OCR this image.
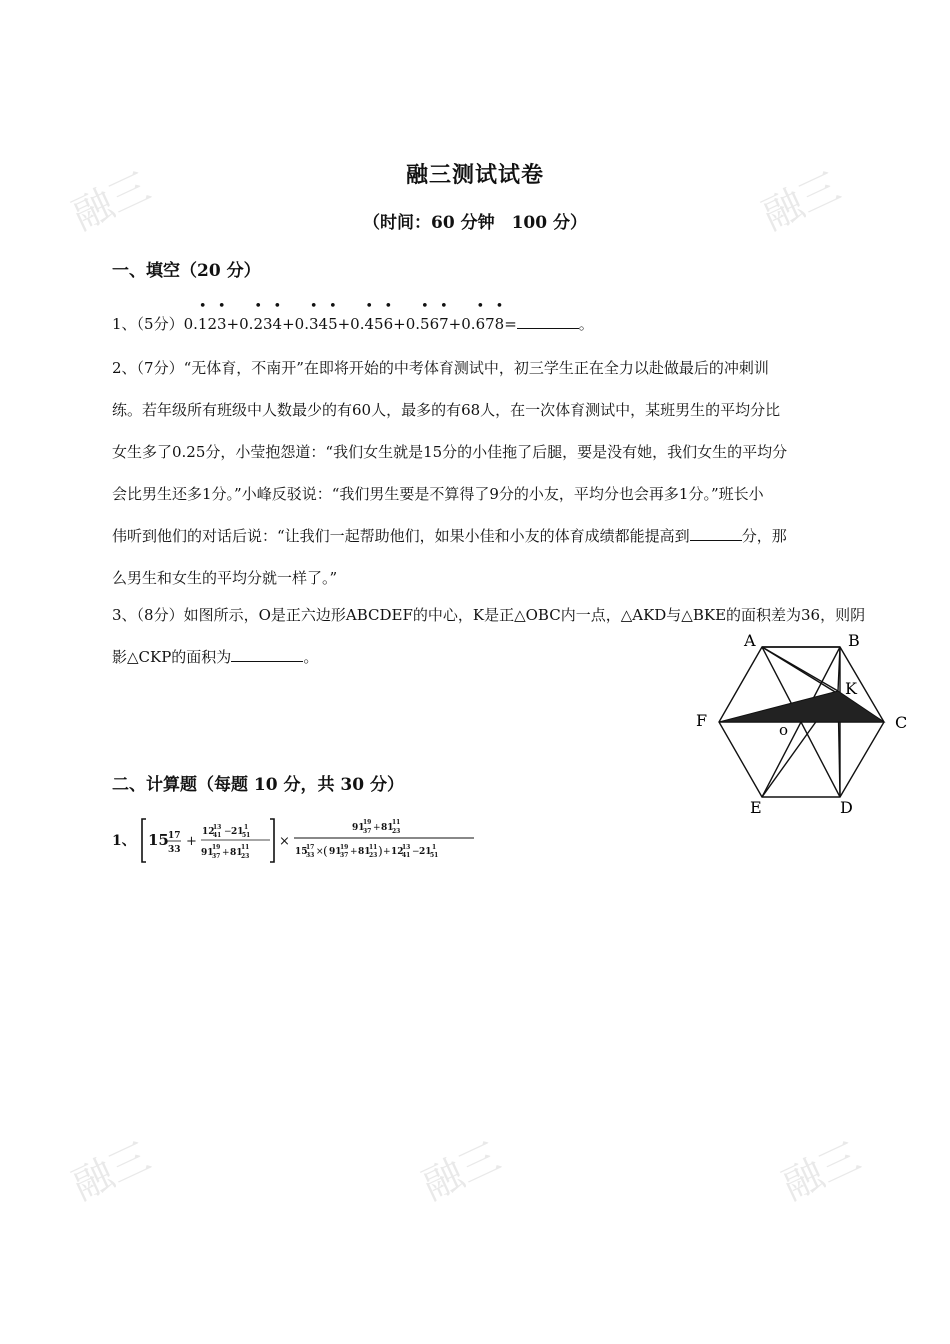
融三	融三
融三	融三	融三
融三测试试卷
（时间：60 分钟　100 分）
一、填空（20 分）
1、（5分）0.• 12• 3+0.• 23• 4+0.• 34• 5+0.• 45• 6+0.• 56• 7+0.• 67• 8=	。
2、（7分）“无体育，不南开”在即将开始的中考体育测试中，初三学生正在全力以赴做最后的冲刺训
练。若年级所有班级中人数最少的有60人，最多的有68人，在一次体育测试中，某班男生的平均分比
女生多了0.25分，小莹抱怨道：“我们女生就是15分的小佳拖了后腿，要是没有她，我们女生的平均分
会比男生还多1分。”小峰反驳说：“我们男生要是不算得了9分的小友，平均分也会再多1分。”班长小
伟听到他们的对话后说：“让我们一起帮助他们，如果小佳和小友的体育成绩都能提高到	分，那
么男生和女生的平均分就一样了。”
3、（8分）如图所示，O是正六边形ABCDEF的中心，K是正△OBC内一点，△AKD与△BKE的面积差为36，则阴
影△CKP的面积为	。
A	B
C
D
E
F	o
K
二、计算题（每题 10 分，共 30 分）
1、 15 17
33
+
12
13
41 − 21 1
51
91
19
37 + 81
11
23
×
91
19
37 + 81
11
23
15
17
33 × ( 91
19
37 + 81
11
23 ) + 12
13
41 − 21 1
51
